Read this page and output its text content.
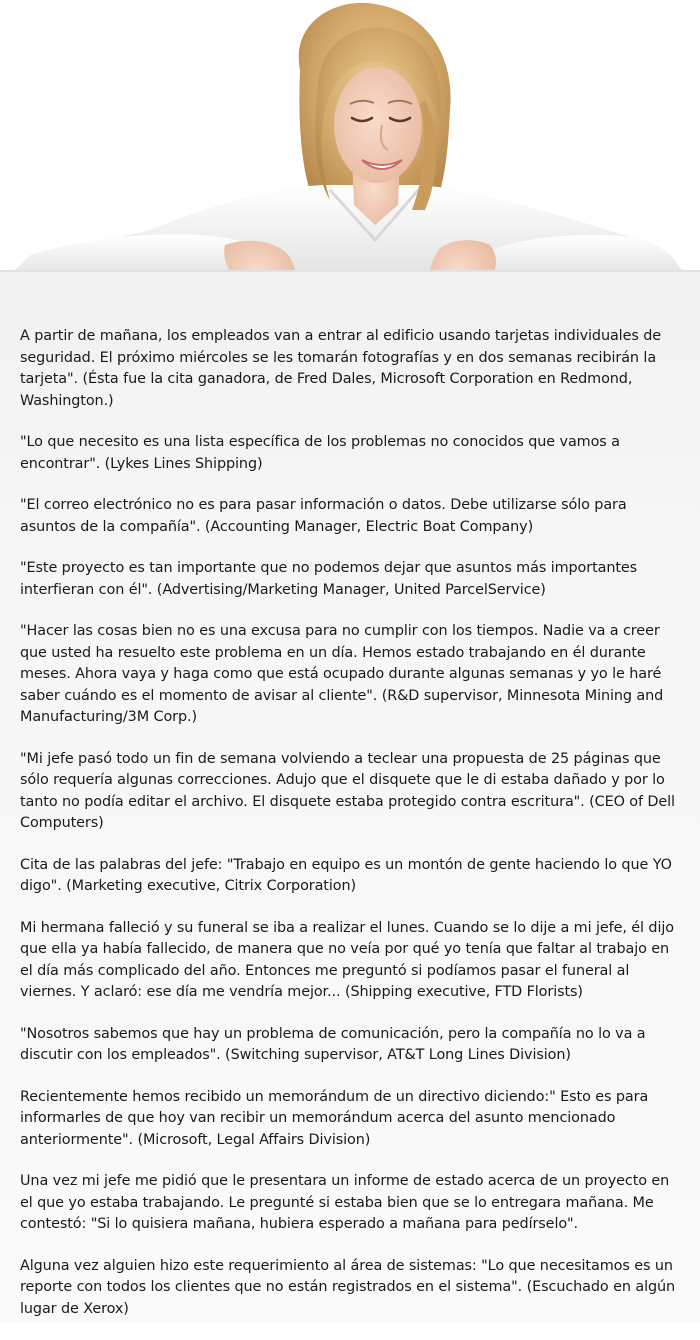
A partir de mañana, los empleados van a entrar al edificio usando tarjetas individuales de seguridad. El próximo miércoles se les tomarán fotografías y en dos semanas recibirán la tarjeta". (Ésta fue la cita ganadora, de Fred Dales, Microsoft Corporation en Redmond, Washington.)

"Lo que necesito es una lista específica de los problemas no conocidos que vamos a encontrar". (Lykes Lines Shipping)

"El correo electrónico no es para pasar información o datos. Debe utilizarse sólo para asuntos de la compañía". (Accounting Manager, Electric Boat Company)

"Este proyecto es tan importante que no podemos dejar que asuntos más importantes interfieran con él". (Advertising/Marketing Manager, United ParcelService)

"Hacer las cosas bien no es una excusa para no cumplir con los tiempos. Nadie va a creer que usted ha resuelto este problema en un día. Hemos estado trabajando en él durante meses. Ahora vaya y haga como que está ocupado durante algunas semanas y yo le haré saber cuándo es el momento de avisar al cliente". (R&D supervisor, Minnesota Mining and Manufacturing/3M Corp.)

"Mi jefe pasó todo un fin de semana volviendo a teclear una propuesta de 25 páginas que sólo requería algunas correcciones. Adujo que el disquete que le di estaba dañado y por lo tanto no podía editar el archivo. El disquete estaba protegido contra escritura". (CEO of Dell Computers)

Cita de las palabras del jefe: "Trabajo en equipo es un montón de gente haciendo lo que YO digo". (Marketing executive, Citrix Corporation)

Mi hermana falleció y su funeral se iba a realizar el lunes. Cuando se lo dije a mi jefe, él dijo que ella ya había fallecido, de manera que no veía por qué yo tenía que faltar al trabajo en el día más complicado del año. Entonces me preguntó si podíamos pasar el funeral al viernes. Y aclaró: ese día me vendría mejor... (Shipping executive, FTD Florists)

"Nosotros sabemos que hay un problema de comunicación, pero la compañía no lo va a discutir con los empleados". (Switching supervisor, AT&T Long Lines Division)

Recientemente hemos recibido un memorándum de un directivo diciendo:" Esto es para informarles de que hoy van recibir un memorándum acerca del asunto mencionado anteriormente". (Microsoft, Legal Affairs Division)

Una vez mi jefe me pidió que le presentara un informe de estado acerca de un proyecto en el que yo estaba trabajando. Le pregunté si estaba bien que se lo entregara mañana. Me contestó: "Si lo quisiera mañana, hubiera esperado a mañana para pedírselo".

Alguna vez alguien hizo este requerimiento al área de sistemas: "Lo que necesitamos es un reporte con todos los clientes que no están registrados en el sistema". (Escuchado en algún lugar de Xerox)
